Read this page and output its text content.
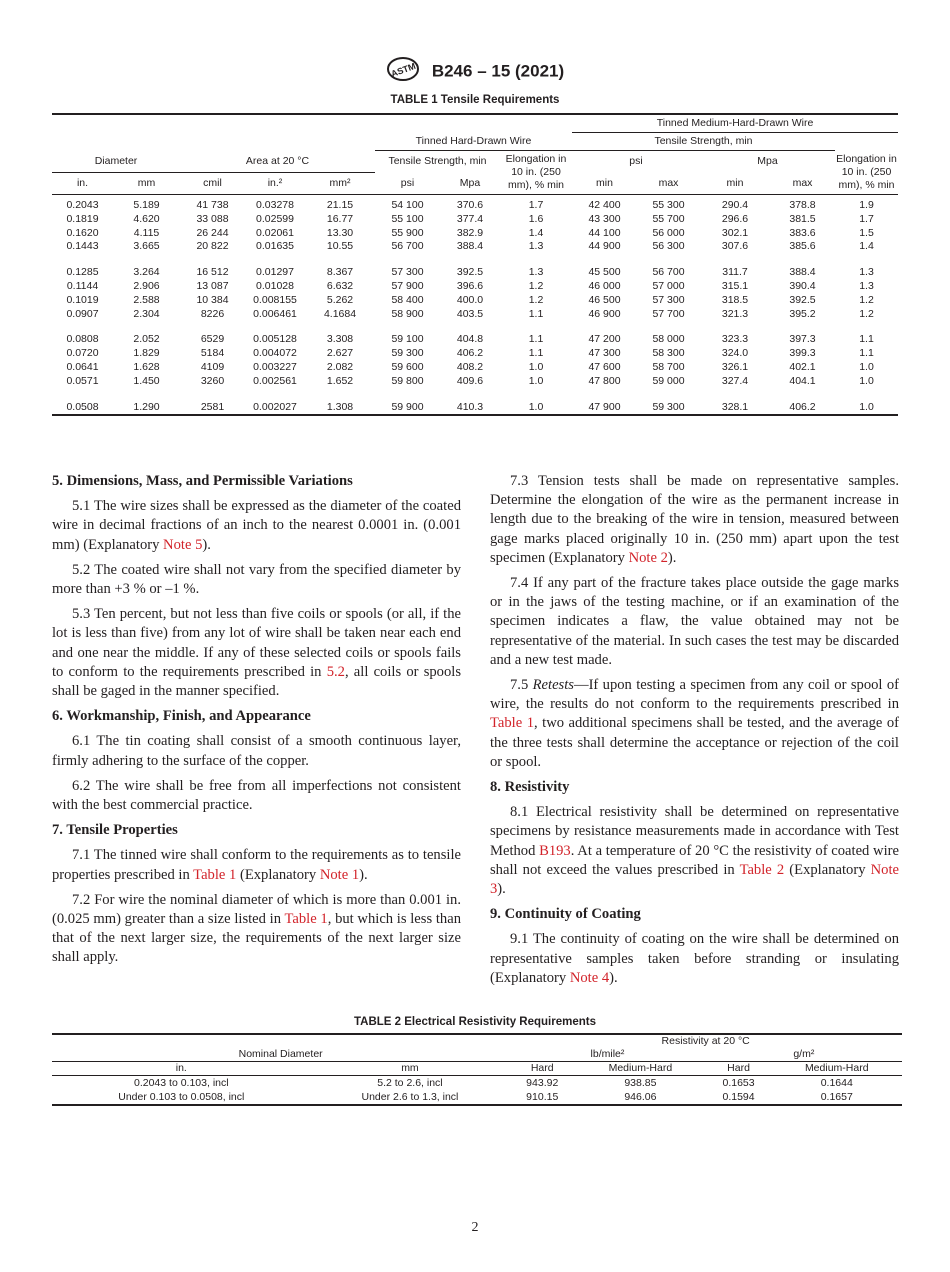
ASTM B246 – 15 (2021)
TABLE 1 Tensile Requirements
								Tinned Medium-Hard-Drawn Wire				
					Tinned Hard-Drawn Wire			Tensile Strength, min				
Diameter		Area at 20 °C			Tensile Strength, min		Elongation in 10 in. (250 mm), % min	psi		Mpa		Elongation in 10 in. (250 mm), % min
in.	mm	cmil	in.²	mm²	psi	Mpa		min	max	min	max	
0.2043	5.189	41 738	0.03278	21.15	54 100	370.6	1.7	42 400	55 300	290.4	378.8	1.9
0.1819	4.620	33 088	0.02599	16.77	55 100	377.4	1.6	43 300	55 700	296.6	381.5	1.7
0.1620	4.115	26 244	0.02061	13.30	55 900	382.9	1.4	44 100	56 000	302.1	383.6	1.5
0.1443	3.665	20 822	0.01635	10.55	56 700	388.4	1.3	44 900	56 300	307.6	385.6	1.4

0.1285	3.264	16 512	0.01297	8.367	57 300	392.5	1.3	45 500	56 700	311.7	388.4	1.3
0.1144	2.906	13 087	0.01028	6.632	57 900	396.6	1.2	46 000	57 000	315.1	390.4	1.3
0.1019	2.588	10 384	0.008155	5.262	58 400	400.0	1.2	46 500	57 300	318.5	392.5	1.2
0.0907	2.304	8226	0.006461	4.1684	58 900	403.5	1.1	46 900	57 700	321.3	395.2	1.2

0.0808	2.052	6529	0.005128	3.308	59 100	404.8	1.1	47 200	58 000	323.3	397.3	1.1
0.0720	1.829	5184	0.004072	2.627	59 300	406.2	1.1	47 300	58 300	324.0	399.3	1.1
0.0641	1.628	4109	0.003227	2.082	59 600	408.2	1.0	47 600	58 700	326.1	402.1	1.0
0.0571	1.450	3260	0.002561	1.652	59 800	409.6	1.0	47 800	59 000	327.4	404.1	1.0

0.0508	1.290	2581	0.002027	1.308	59 900	410.3	1.0	47 900	59 300	328.1	406.2	1.0
5. Dimensions, Mass, and Permissible Variations

5.1 The wire sizes shall be expressed as the diameter of the coated wire in decimal fractions of an inch to the nearest 0.0001 in. (0.001 mm) (Explanatory Note 5).

5.2 The coated wire shall not vary from the specified diameter by more than +3 % or –1 %.

5.3 Ten percent, but not less than five coils or spools (or all, if the lot is less than five) from any lot of wire shall be taken near each end and one near the middle. If any of these selected coils or spools fails to conform to the requirements prescribed in 5.2, all coils or spools shall be gaged in the manner specified.

6. Workmanship, Finish, and Appearance

6.1 The tin coating shall consist of a smooth continuous layer, firmly adhering to the surface of the copper.

6.2 The wire shall be free from all imperfections not consistent with the best commercial practice.

7. Tensile Properties

7.1 The tinned wire shall conform to the requirements as to tensile properties prescribed in Table 1 (Explanatory Note 1).

7.2 For wire the nominal diameter of which is more than 0.001 in. (0.025 mm) greater than a size listed in Table 1, but which is less than that of the next larger size, the requirements of the next larger size shall apply.

7.3 Tension tests shall be made on representative samples. Determine the elongation of the wire as the permanent increase in length due to the breaking of the wire in tension, measured between gage marks placed originally 10 in. (250 mm) apart upon the test specimen (Explanatory Note 2).

7.4 If any part of the fracture takes place outside the gage marks or in the jaws of the testing machine, or if an examination of the specimen indicates a flaw, the value obtained may not be representative of the material. In such cases the test may be discarded and a new test made.

7.5 Retests—If upon testing a specimen from any coil or spool of wire, the results do not conform to the requirements prescribed in Table 1, two additional specimens shall be tested, and the average of the three tests shall determine the acceptance or rejection of the coil or spool.

8. Resistivity

8.1 Electrical resistivity shall be determined on representative specimens by resistance measurements made in accordance with Test Method B193. At a temperature of 20 °C the resistivity of coated wire shall not exceed the values prescribed in Table 2 (Explanatory Note 3).

9. Continuity of Coating

9.1 The continuity of coating on the wire shall be determined on representative samples taken before stranding or insulating (Explanatory Note 4).

TABLE 2 Electrical Resistivity Requirements
		Resistivity at 20 °C			
Nominal Diameter		lb/mile²		g/m²	
in.	mm	Hard	Medium-Hard	Hard	Medium-Hard
0.2043 to 0.103, incl	5.2 to 2.6, incl	943.92	938.85	0.1653	0.1644
Under 0.103 to 0.0508, incl	Under 2.6 to 1.3, incl	910.15	946.06	0.1594	0.1657
2
